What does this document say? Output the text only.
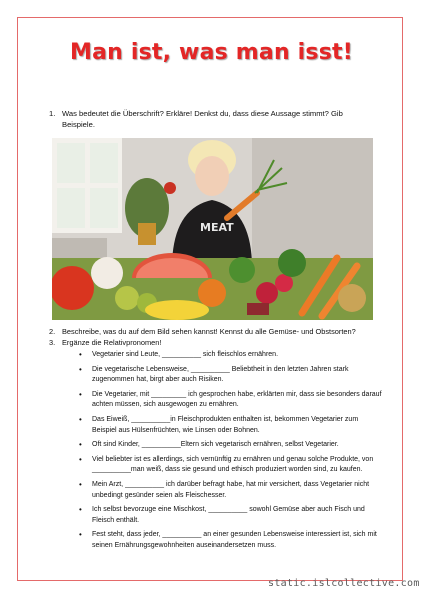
Man ist, was man isst!
1. Was bedeutet die Überschrift? Erkläre! Denkst du, dass diese Aussage stimmt? Gib Beispiele.
MEAT
2. Beschreibe, was du auf dem Bild sehen kannst! Kennst du alle Gemüse- und Obstsorten?
3. Ergänze die Relativpronomen!
• Vegetarier sind Leute, __________ sich fleischlos ernähren.
• Die vegetarische Lebensweise, __________ Beliebtheit in den letzten Jahren stark zugenommen hat, birgt aber auch Risiken.
• Die Vegetarier, mit _________ ich gesprochen habe, erklärten mir, dass sie besonders darauf achten müssen, sich ausgewogen zu ernähren.
• Das Eiweiß, __________in Fleischprodukten enthalten ist, bekommen Vegetarier zum Beispiel aus Hülsenfrüchten, wie Linsen oder Bohnen.
• Oft sind Kinder, __________Eltern sich vegetarisch ernähren, selbst Vegetarier.
• Viel beliebter ist es allerdings, sich vernünftig zu ernähren und genau solche Produkte, von __________man weiß, dass sie gesund und ethisch produziert worden sind, zu kaufen.
• Mein Arzt, __________ ich darüber befragt habe, hat mir versichert, dass Vegetarier nicht unbedingt gesünder seien als Fleischesser.
• Ich selbst bevorzuge eine Mischkost, __________ sowohl Gemüse aber auch Fisch und Fleisch enthält.
• Fest steht, dass jeder, __________ an einer gesunden Lebensweise interessiert ist, sich mit seinen Ernährungsgewohnheiten auseinandersetzen muss.
static.islcollective.com
